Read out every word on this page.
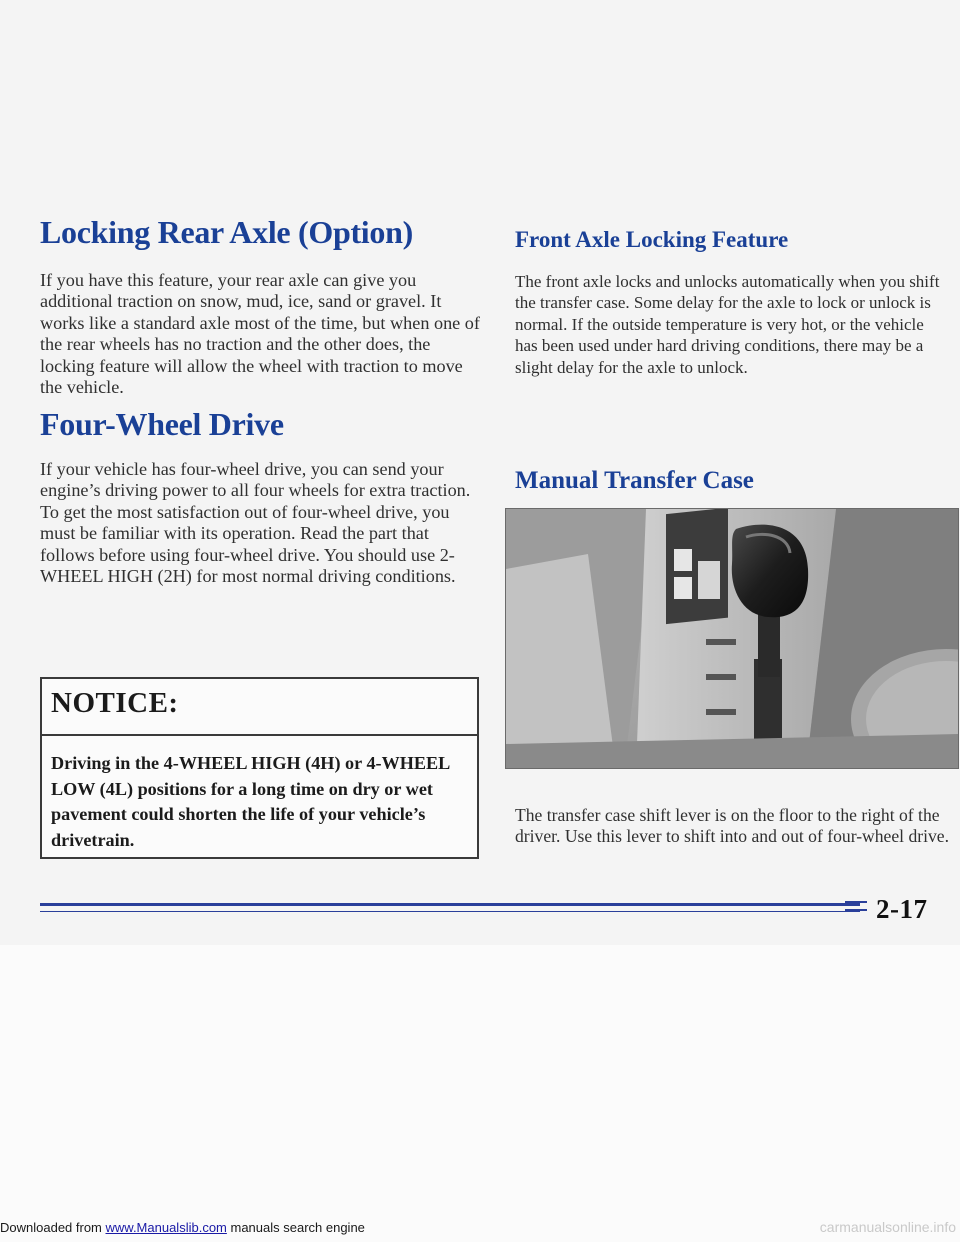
Locking Rear Axle (Option)

If you have this feature, your rear axle can give you additional traction on snow, mud, ice, sand or gravel. It works like a standard axle most of the time, but when one of the rear wheels has no traction and the other does, the locking feature will allow the wheel with traction to move the vehicle.

Four-Wheel Drive

If your vehicle has four-wheel drive, you can send your engine’s driving power to all four wheels for extra traction. To get the most satisfaction out of four-wheel drive, you must be familiar with its operation. Read the part that follows before using four-wheel drive. You should use 2-WHEEL HIGH (2H) for most normal driving conditions.

NOTICE:

Driving in the 4-WHEEL HIGH (4H) or 4-WHEEL LOW (4L) positions for a long time on dry or wet pavement could shorten the life of your vehicle’s drivetrain.

Front Axle Locking Feature

The front axle locks and unlocks automatically when you shift the transfer case. Some delay for the axle to lock or unlock is normal. If the outside temperature is very hot, or the vehicle has been used under hard driving conditions, there may be a slight delay for the axle to unlock.

Manual Transfer Case

The transfer case shift lever is on the floor to the right of the driver. Use this lever to shift into and out of four-wheel drive.

2-17

Downloaded from www.Manualslib.com manuals search engine	carmanualsonline.info
